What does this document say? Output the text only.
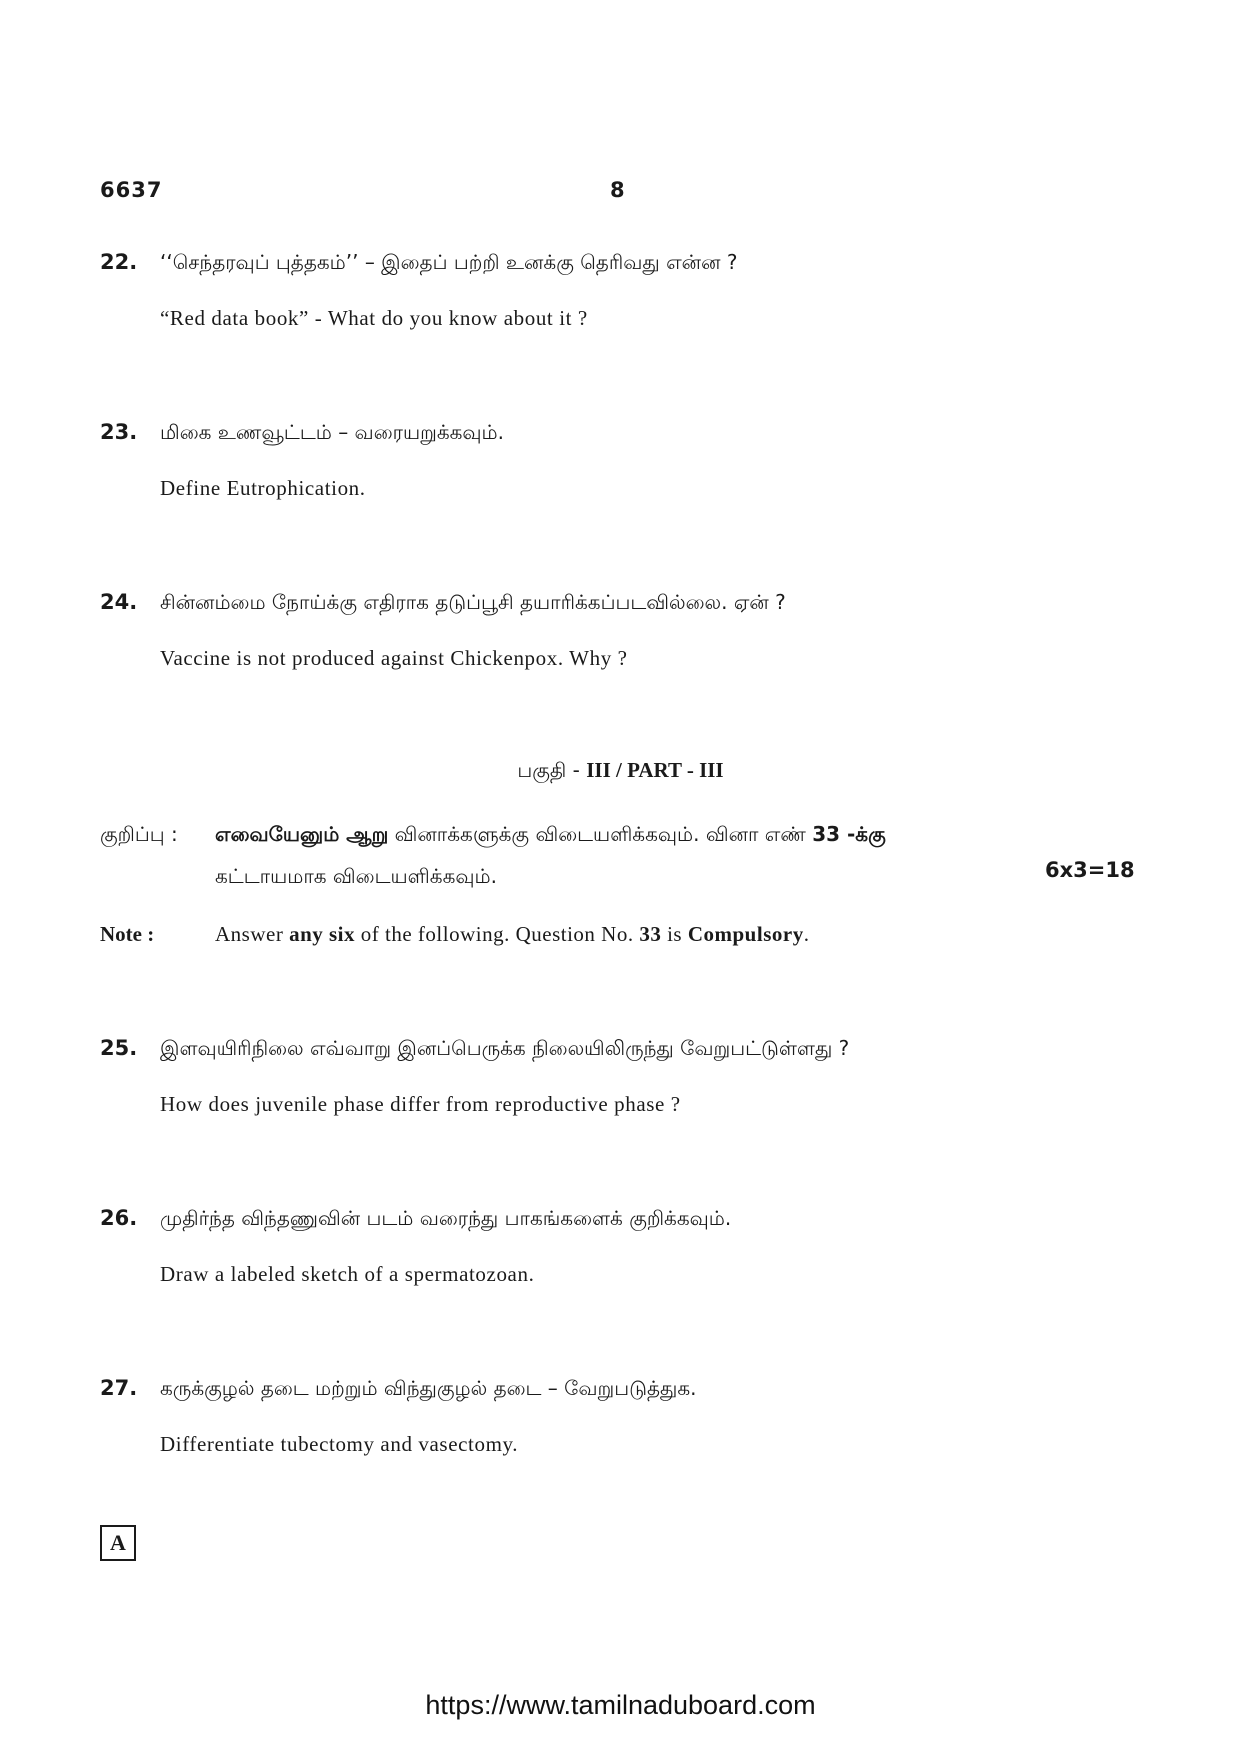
6637	8
22. ‘‘செந்தரவுப் புத்தகம்’’ – இதைப் பற்றி உனக்கு தெரிவது என்ன ?
“Red data book” - What do you know about it ?
23. மிகை உணவூட்டம் – வரையறுக்கவும்.
Define Eutrophication.
24. சின்னம்மை நோய்க்கு எதிராக தடுப்பூசி தயாரிக்கப்படவில்லை. ஏன் ?
Vaccine is not produced against Chickenpox. Why ?
பகுதி - III / PART - III
குறிப்பு : எவையேனும் ஆறு வினாக்களுக்கு விடையளிக்கவும். வினா எண் 33 -க்கு
கட்டாயமாக விடையளிக்கவும்.	6x3=18
Note :	Answer any six of the following. Question No. 33 is Compulsory.
25. இளவுயிரிநிலை எவ்வாறு இனப்பெருக்க நிலையிலிருந்து வேறுபட்டுள்ளது ?
How does juvenile phase differ from reproductive phase ?
26. முதிர்ந்த விந்தணுவின் படம் வரைந்து பாகங்களைக் குறிக்கவும்.
Draw a labeled sketch of a spermatozoan.
27. கருக்குழல் தடை மற்றும் விந்துகுழல் தடை – வேறுபடுத்துக.
Differentiate tubectomy and vasectomy.
A
https://www.tamilnaduboard.com
